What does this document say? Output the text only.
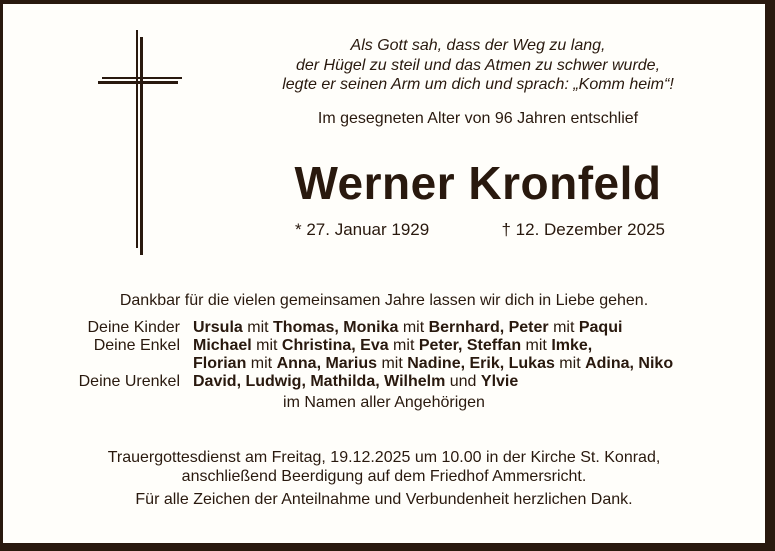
Als Gott sah, dass der Weg zu lang,
der Hügel zu steil und das Atmen zu schwer wurde,
legte er seinen Arm um dich und sprach: „Komm heim“!
Im gesegneten Alter von 96 Jahren entschlief
Werner Kronfeld
* 27. Januar 1929	† 12. Dezember 2025
Dankbar für die vielen gemeinsamen Jahre lassen wir dich in Liebe gehen.
Deine Kinder Ursula mit Thomas, Monika mit Bernhard, Peter mit Paqui
Deine Enkel Michael mit Christina, Eva mit Peter, Steffan mit Imke,
Florian mit Anna, Marius mit Nadine, Erik, Lukas mit Adina, Niko
Deine Urenkel David, Ludwig, Mathilda, Wilhelm und Ylvie
im Namen aller Angehörigen
Trauergottesdienst am Freitag, 19.12.2025 um 10.00 in der Kirche St. Konrad,
anschließend Beerdigung auf dem Friedhof Ammersricht.
Für alle Zeichen der Anteilnahme und Verbundenheit herzlichen Dank.
